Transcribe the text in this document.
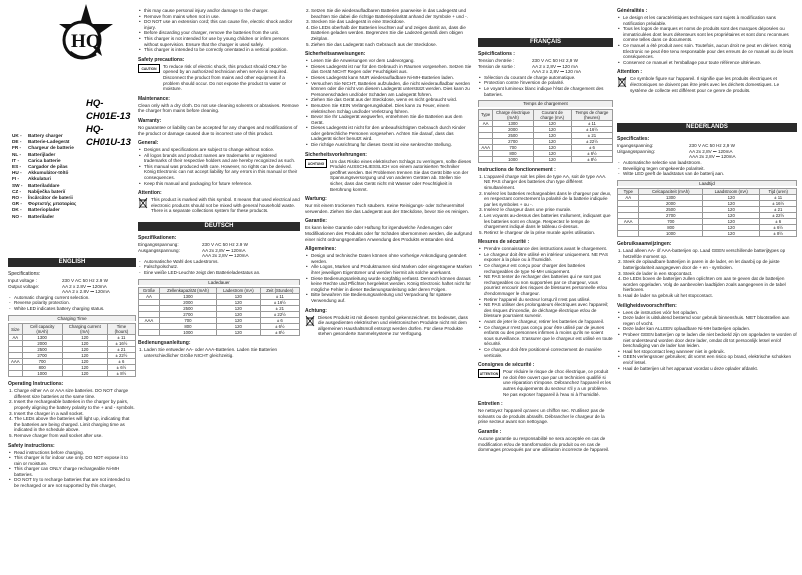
HQ
HQ-CH01E-13
HQ-CH01U-13
UK - Battery charger
DE - Batterie-Ladegerät
FR - Chargeur de batterie
NL - Batterijlader
IT - Carica batterie
ES - Cargador de pilas
HU - Akkumulátor-töltő
FI - Akkulaturi
SW - Batteriladdare
CZ - Nabíječka baterií
RO - Încărcător de baterii
GR - Φορτιστής μπαταρίας
DK - Batterioplader
NO - Batterilader
ENGLISH
Specifications:
Input voltage :	230 V AC 50 Hz 2.9 W
Output voltage:	AA 2 x 2.8V ⎓ 120mA
AAA 2 x 2.8V ⎓ 120mA
- Automatic charging current selection.
- Reverse polarity protection.
- White LED indicates battery charging status.
Charging Time
Size	Cell capacity (mAh)	Charging current (mA)	Time (hours)
AA	1300	120	± 11
	2000	120	± 16½
	2500	120	± 21
	2700	120	± 22½
AAA	700	120	± 6
	800	120	± 6½
	1000	120	± 8½
Operating Instructions:
1. Charge either AA or AAA size batteries. DO NOT charge different size batteries at the same time.
2. Insert the rechargeable batteries in the charger by pairs, properly aligning the battery polarity to the + and - symbols.
3. Insert the charger in a wall socket.
4. The LEDs above the batteries will light up, indicating that the batteries are being charged. Limit charging time as indicated in the schedule above.
5. Remove charger from wall socket after use.
Safety instructions:
• Read instructions before charging.
• This charger is for indoor use only. DO NOT expose it to rain or moisture.
• This charger can ONLY charge rechargeable Ni-MH batteries.
• DO NOT try to recharge batteries that are not intended to be recharged or are not supported by this charger,
• this may cause personal injury and/or damage to the charger.
• Remove from mains when not in use.
• DO NOT use an extension cord; this can cause fire, electric shock and/or injury.
• Before discarding your charger, remove the batteries from the unit.
• This charger is not intended for use by young children or infirm persons without supervision. Ensure that the charger is used safely.
• This charger is intended to be correctly orientated in a vertical position.
Safety precautions:
CAUTION	To reduce risk of electric shock, this product should ONLY be opened by an authorized technician when service is required. Disconnect the product from mains and other equipment if a problem should occur. Do not expose the product to water or moisture.

Maintenance:

Clean only with a dry cloth. Do not use cleaning solvents or abrasives. Remove the charger from mains before cleaning.

Warranty:

No guarantee or liability can be accepted for any changes and modifications of the product or damage caused due to incorrect use of this product.

General:
• Designs and specifications are subject to change without notice.
• All logos brands and product names are trademarks or registered trademarks of their respective holders and are hereby recognized as such.
• This manual was produced with care. However, no rights can be derived. König Electronic can not accept liability for any errors in this manual or their consequences.
• Keep this manual and packaging for future reference.
Attention:

This product is marked with this symbol. It means that used electrical and electronic products should not be mixed with general household waste. There is a separate collections system for these products.

DEUTSCH
Spezifikationen:
Eingangsspannung:	230 V AC 50 Hz 2.9 W
Ausgangsspannung:	AA 2x 2,8V ⎓ 120mA
AAA 2x 2,8V ⎓ 120mA
- Automatische Wahl des Ladestroms.
- Falschpolschutz.
- Eine weiße LED-Leuchte zeigt den Batterieladestatus an.
Ladedauer
Größe	Zellenkapazität (mAh)	Ladestrom (mA)	Zeit (Stunden)
AA	1300	120	± 11
	2000	120	± 16½
	2500	120	± 21
	2700	120	± 22½
AAA	700	120	± 6
	800	120	± 6½
	1000	120	± 8½
Bedienungsanleitung:
1. Laden Sie entweder AA- oder AAA-Batterien. Laden Sie Batterien unterschiedlicher Größe NICHT gleichzeitig.
2. Setzen Sie die wiederaufladbaren Batterien paarweise in das Ladegerät und beachten Sie dabei die richtige Batteriepolarität anhand der Symbole + und -.
3. Stecken Sie das Ladegerät in eine Steckdose.
4. Die LEDs oberhalb der Batterien leuchten auf und zeigen damit an, dass die Batterien geladen werden. Begrenzen Sie die Ladezeit gemäß dem obigen Zeitplan.
5. Ziehen Sie das Ladegerät nach Gebrauch aus der Steckdose.
Sicherheitsanweisungen:
• Lesen Sie die Anweisungen vor dem Ladevorgang.
• Dieses Ladegerät ist nur für den Gebrauch in Räumen vorgesehen. Setzen Sie das Gerät NICHT Regen oder Feuchtigkeit aus.
• Dieses Ladegerät kann NUR wiederaufladbare Ni-MH-Batterien laden.
• Versuchen Sie NICHT, Batterien aufzuladen, die nicht wiederaufladbar werden können oder die nicht von diesem Ladegerät unterstützt werden. Dies kann zu Personenschäden und/oder Schäden am Ladegerät führen.
• Ziehen Sie das Gerät aus der Steckdose, wenn es nicht gebraucht wird.
• Benutzen Sie KEIN Verlängerungskabel. Dies kann zu Feuer, einem elektrischen Schlag und/oder Verletzung führen.
• Bevor Sie Ihr Ladegerät wegwerfen, entnehmen Sie die Batterien aus dem Gerät.
• Dieses Ladegerät ist nicht für den unbeaufsichtigten Gebrauch durch Kinder oder gebrechliche Personen vorgesehen. Achten Sie darauf, dass das Ladegerät sicher benutzt wird.
• Die richtige Ausrichtung für dieses Gerät ist eine senkrechte Stellung.
Sicherheitsvorkehrungen:
ACHTUNG	Um das Risiko eines elektrischen Schlags zu verringern, sollte dieses Produkt AUSSCHLIESSLICH von einem autorisierten Techniker geöffnet werden. Bei Problemen trennen Sie das Gerät bitte von der Spannungsversorgung und von anderen Geräten ab. Stellen Sie sicher, dass das Gerät nicht mit Wasser oder Feuchtigkeit in Berührung kommt.

Wartung:

Nur mit einem trockenen Tuch säubern. Keine Reinigungs- oder Scheuermittel verwenden. Ziehen Sie das Ladegerät aus der Steckdose, bevor Sie es reinigen.

Garantie:

Es kann keine Garantie oder Haftung für irgendwelche Änderungen oder Modifikationen des Produkts oder für Schäden übernommen werden, die aufgrund einer nicht ordnungsgemäßen Anwendung des Produkts entstanden sind.

Allgemeines:
• Design und technische Daten können ohne vorherige Ankündigung geändert werden.
• Alle Logos, Marken und Produktnamen sind Marken oder eingetragene Marken ihrer jeweiligen Eigentümer und werden hiermit als solche anerkannt.
• Diese Bedienungsanleitung wurde sorgfältig verfasst. Dennoch können daraus keine Rechte und Pflichten hergeleitet werden. König Electronic haftet nicht für mögliche Fehler in dieser Bedienungsanleitung oder deren Folgen.
• Bitte bewahren Sie Bedienungsanleitung und Verpackung für spätere Verwendung auf.
Achtung:

Dieses Produkt ist mit diesem Symbol gekennzeichnet. Es bedeutet, dass die ausgedienten elektrischen und elektronischen Produkte nicht mit dem allgemeinen Haushaltsmüll entsorgt werden dürfen. Für diese Produkte stehen gesonderte Sammelsysteme zur Verfügung.

FRANÇAIS
Spécifications :
Tension d'entrée :	230 V AC 50 Hz 2,9 W
Tension de sortie :	AA 2 x 2,8V ⎓ 120 mA
AAA 2 x 2,8V ⎓ 120 mA
• Sélection du courant de charge automatique.
• Protection contre l'inversion de polarité.
• Le voyant lumineux blanc indique l'état de chargement des batteries.
Temps de chargement
Type	Charge électrique (mAh)	Courant de charge (mA)	Temps de charge (heures)
AA	1300	120	± 11
	2000	120	± 16½
	2500	120	± 21
	2700	120	± 22½
AAA	700	120	± 6
	800	120	± 6½
	1000	120	± 8½
Instructions de fonctionnement :
1. L'appareil charge soit les piles de type AA, soit de type AAA. NE PAS charger des batteries d'un type différent simultanément.
2. Insérez les batteries rechargeables dans le chargeur par deux, en respectant correctement la polarité de la batterie indiquée par les symboles + ou -.
3. Insérez le chargeur dans une prise murale.
4. Les voyants au-dessus des batteries s'allument, indiquant que les batteries sont en charge. Respectez le temps de chargement indiqué dans le tableau ci-dessus.
5. Retirez le chargeur de la prise murale après utilisation.
Mesures de sécurité :
• Prendre connaissance des instructions avant le chargement.
• Le chargeur doit être utilisé en intérieur uniquement. NE PAS exposer à la pluie ou à l'humidité.
• Ce chargeur est conçu pour charger des batteries rechargeables de type Ni-MH uniquement.
• NE PAS tenter de recharger des batteries qui ne sont pas rechargeables ou non supportées par ce chargeur, vous pourriez encourir des risques de blessures personnelle et/ou d'endommager le chargeur.
• Retirer l'appareil du secteur lorsqu'il n'est pas utilisé.
• NE PAS utiliser des prolongateurs électriques avec l'appareil; des risques d'incendie, de décharge électrique et/ou de blessure pourraient survenir.
• Avant de jeter le chargeur, retirer les batteries de l'appareil.
• Ce chargeur n'est pas conçu pour être utilisé par de jeunes enfants ou des personnes infirmes à moins qu'ils ne soient sous surveillance. S'assurer que le chargeur est utilisé en toute sécurité.
• Ce chargeur doit être positionné correctement de manière verticale.
Consignes de sécurité :
ATTENTION	Pour réduire le risque de choc électrique, ce produit ne doit être ouvert que par un technicien qualifié si une réparation s'impose. Débranchez l'appareil et les autres équipements du secteur s'il y a un problème. Ne pas exposer l'appareil à l'eau ni à l'humidité.

Entretien :

Ne nettoyez l'appareil qu'avec un chiffon sec. N'utilisez pas de solvants ou de produits abrasifs. Débrancher le chargeur de la prise secteur avant son nettoyage.

Garantie :

Aucune garantie ou responsabilité ne sera acceptée en cas de modification et/ou de transformation du produit ou en cas de dommages provoqués par une utilisation incorrecte de l'appareil.

Généralités :
• Le design et les caractéristiques techniques sont sujets à modification sans notification préalable.
• Tous les logos de marques et noms de produits sont des marques déposées ou immatriculées dont leurs détenteurs sont les propriétaires et sont donc reconnues comme telles dans ce documents.
• Ce manuel a été produit avec soin. Toutefois, aucun droit ne peut en dériver. König Electronic ne peut être tenu responsable pour des erreurs de ce manuel ou de leurs conséquences.
• Conservez ce manuel et l'emballage pour toute référence ultérieure.
Attention :

Ce symbole figure sur l'appareil. Il signifie que les produits électriques et électroniques ne doivent pas être jetés avec les déchets domestiques. Le système de collecte est différent pour ce genre de produits.

NEDERLANDS
Specificaties:
Ingangsspanning:	230 V AC 50 Hz 2,9 W
Uitgangsspanning:	AA 2x 2,8V ⎓ 120mA
AAA 2x 2,8V ⎓ 120mA
- Automatische selectie van laadstroom.
- Beveiliging tegen omgekeerde polariteit.
- Witte LED geeft de laadstatus van de batterij aan.
Laadtijd
Type	Celcapaciteit (mAh)	Laadstroom (mA)	Tijd (uren)
AA	1300	120	± 11
	2000	120	± 16½
	2500	120	± 21
	2700	120	± 22½
AAA	700	120	± 6
	800	120	± 6½
	1000	120	± 8½
Gebruiksaanwijzingen:
1. Laad alleen AA- óf AAA-batterijen op. Laad GEEN verschillende batterijtypes op hetzelfde moment op.
2. Steek de oplaadbare batterijen in paren in de lader, en let daarbij op de juiste batterijpolariteit aangegeven door de + en - symbolen.
3. Steek de lader in een stopcontact.
4. De LEDs boven de batterijen zullen oplichten om aan te geven dat de batterijen worden opgeladen. Volg de aanbevolen laadtijden zoals aangegeven in de tabel hierboven.
5. Haal de lader na gebruik uit het stopcontact.
Veiligheidsvoorschriften:
• Lees de instructies vóór het opladen.
• Deze lader is uitsluitend bestemd voor gebruik binnenshuis. NIET blootstellen aan regen of vocht.
• Deze lader kan ALLEEN oplaadbare Ni-MH batterijen opladen.
• Probeer GEEN batterijen op te laden die niet bedoeld zijn om opgeladen te worden of niet ondersteund worden door deze lader, omdat dit tot persoonlijk letsel en/of beschadiging van de lader kan leiden.
• Haal het stopcontact leeg wanneer niet in gebruik.
• GEEN verlengsnoer gebruiken; dit vormt een risico op brand, elektrische schokken en/of letsel.
• Haal de batterijen uit het apparaat voordat u deze oplader afdankt.
